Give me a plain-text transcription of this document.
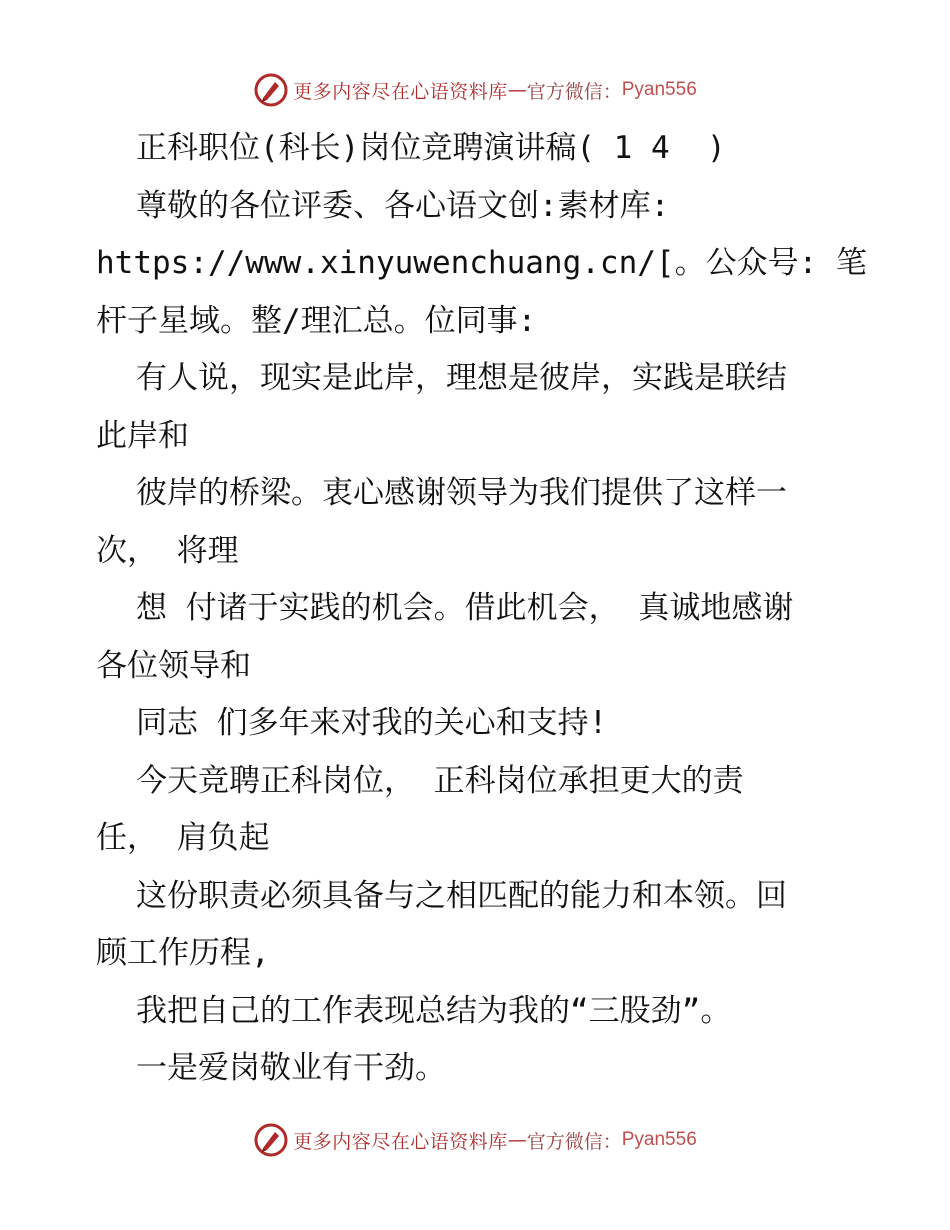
更多内容尽在心语资料库 — 官方微信： Pyan556

正科职位(科长)岗位竞聘演讲稿( 1 4  )

尊敬的各位评委、各心语文创:素材库:

https://www.xinyuwenchuang.cn/[。公众号: 笔

杆子星域。整/理汇总。位同事:

有人说，现实是此岸，理想是彼岸，实践是联结

此岸和

彼岸的桥梁。衷心感谢领导为我们提供了这样一

次， 将理

想 付诸于实践的机会。借此机会， 真诚地感谢

各位领导和

同志 们多年来对我的关心和支持!

今天竞聘正科岗位， 正科岗位承担更大的责

任， 肩负起

这份职责必须具备与之相匹配的能力和本领。回

顾工作历程,

我把自己的工作表现总结为我的“三股劲”。

一是爱岗敬业有干劲。

更多内容尽在心语资料库 — 官方微信： Pyan556
